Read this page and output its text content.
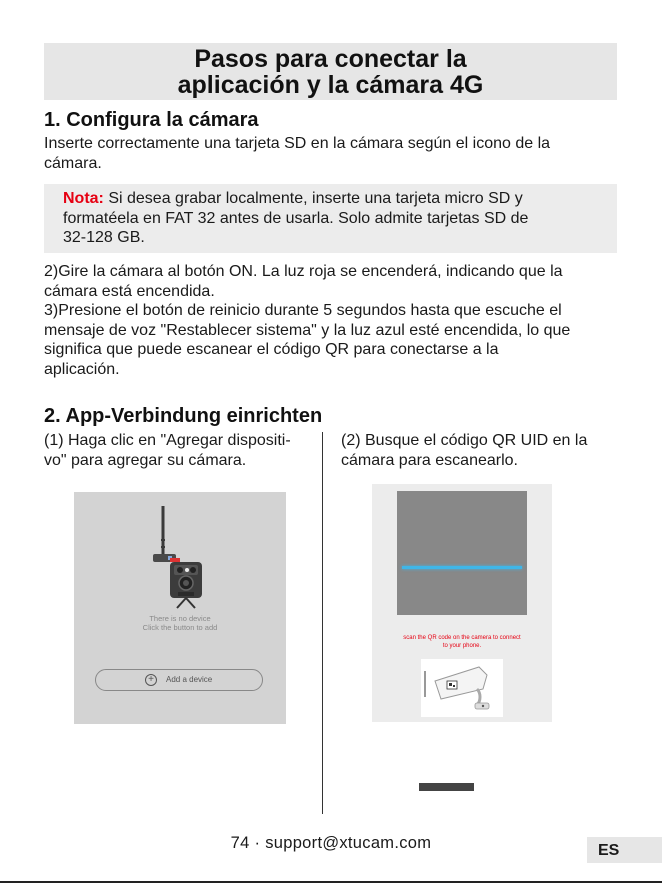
Pasos para conectar la
aplicación y la cámara 4G
1. Configura la cámara
Inserte correctamente una tarjeta SD en la cámara según el icono de la
cámara.
Nota: Si desea grabar localmente, inserte una tarjeta micro SD y
formatéela en FAT 32 antes de usarla. Solo admite tarjetas SD de
32-128 GB.
2)Gire la cámara al botón ON. La luz roja se encenderá, indicando que la
cámara está encendida.
3)Presione el botón de reinicio durante 5 segundos hasta que escuche el
mensaje de voz "Restablecer sistema" y la luz azul esté encendida, lo que
significa que puede escanear el código QR para conectarse a la
aplicación.
2. App-Verbindung einrichten
(1) Haga clic en "Agregar dispositi-
vo" para agregar su cámara.
(2) Busque el código QR UID en la
cámara para escanearlo.
There is no device
Click the button to add
+	Add a device
scan the QR code on the camera to connect
to your phone.
74 · support@xtucam.com	ES
